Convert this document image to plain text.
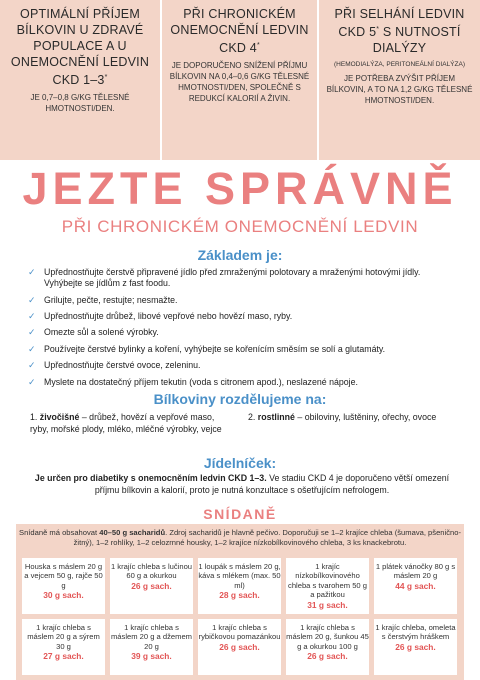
OPTIMÁLNÍ PŘÍJEM BÍLKOVIN U ZDRAVÉ POPULACE A U ONEMOCNĚNÍ LEDVIN CKD 1–3*
JE 0,7–0,8 G/KG TĚLESNÉ HMOTNOSTI/DEN.
PŘI CHRONICKÉM ONEMOCNĚNÍ LEDVIN CKD 4*
JE DOPORUČENO SNÍŽENÍ PŘÍJMU BÍLKOVIN NA 0,4–0,6 G/KG TĚLESNÉ HMOTNOSTI/DEN, SPOLEČNĚ S REDUKCÍ KALORIÍ A ŽIVIN.
PŘI SELHÁNÍ LEDVIN CKD 5* S NUTNOSTÍ DIALÝZY
(HEMODIALÝZA, PERITONEÁLNÍ DIALÝZA)
JE POTŘEBA ZVÝŠIT PŘÍJEM BÍLKOVIN, A TO NA 1,2 G/KG TĚLESNÉ HMOTNOSTI/DEN.
JEZTE SPRÁVNĚ
PŘI CHRONICKÉM ONEMOCNĚNÍ LEDVIN
Základem je:
✓ Upřednostňujte čerstvě připravené jídlo před zmraženými polotovary a mraženými hotovými jídly. Vyhýbejte se jídlům z fast foodu.
✓ Grilujte, pečte, restujte; nesmažte.
✓ Upřednostňujte drůbež, libové vepřové nebo hovězí maso, ryby.
✓ Omezte sůl a solené výrobky.
✓ Používejte čerstvé bylinky a koření, vyhýbejte se kořenícím směsím se solí a glutamáty.
✓ Upřednostňujte čerstvé ovoce, zeleninu.
✓ Myslete na dostatečný příjem tekutin (voda s citronem apod.), neslazené nápoje.
Bílkoviny rozdělujeme na:
1. živočišné – drůbež, hovězí a vepřové maso, ryby, mořské plody, mléko, mléčné výrobky, vejce
2. rostlinné – obiloviny, luštěniny, ořechy, ovoce
Jídelníček:
Je určen pro diabetiky s onemocněním ledvin CKD 1–3. Ve stadiu CKD 4 je doporučeno větší omezení příjmu bílkovin a kalorií, proto je nutná konzultace s ošetřujícím nefrologem.
SNÍDANĚ
Snídaně má obsahovat 40–50 g sacharidů. Zdroj sacharidů je hlavně pečivo. Doporučuji se 1–2 krajíce chleba (šumava, pšeničnо-žitný), 1–2 rohlíky, 1–2 celozrnné housky, 1–2 krajíce nízkobílkovinového chleba, 3 ks knackebrotu.
Houska s máslem 20 g a vejcem 50 g, rajče 50 g
30 g sach.
1 krajíc chleba s lučinou 60 g a okurkou
26 g sach.
1 loupák s máslem 20 g, káva s mlékem (max. 50 ml)
28 g sach.
1 krajíc nízkobílkovinového chleba s tvarohem 50 g a pažitkou
31 g sach.
1 plátek vánočky 80 g s máslem 20 g
44 g sach.
1 krajíc chleba s máslem 20 g a sýrem 30 g
27 g sach.
1 krajíc chleba s máslem 20 g a džemem 20 g
39 g sach.
1 krajíc chleba s rybičkovou pomazánkou
26 g sach.
1 krajíc chleba s máslem 20 g, šunkou 45 g a okurkou 100 g
26 g sach.
1 krajíc chleba, omeleta s čerstvým hráškem
26 g sach.
